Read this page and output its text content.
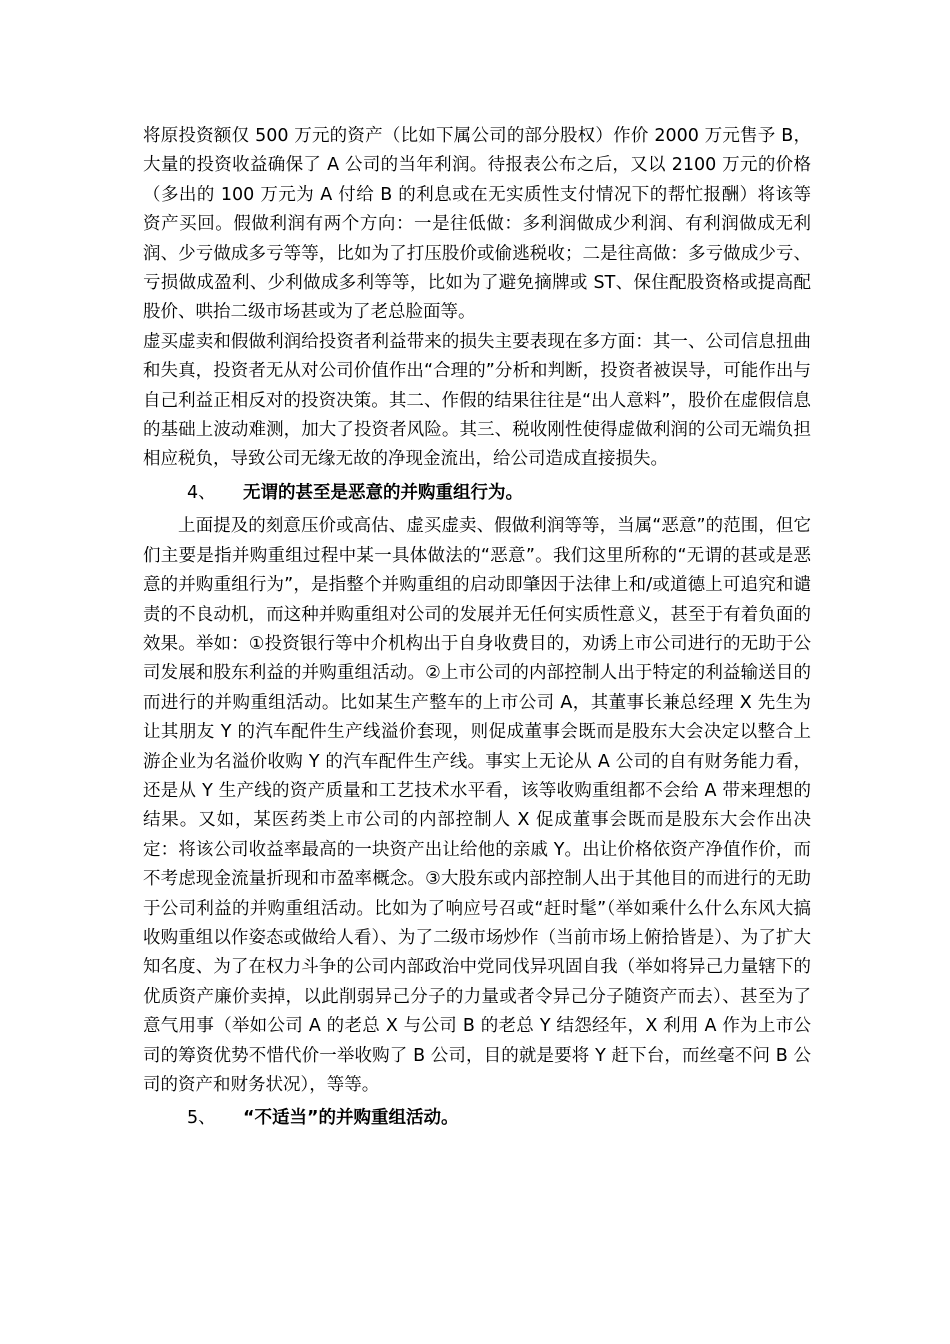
将原投资额仅 500 万元的资产（比如下属公司的部分股权）作价 2000 万元售予 B，大量的投资收益确保了 A 公司的当年利润。待报表公布之后，又以 2100 万元的价格（多出的 100 万元为 A 付给 B 的利息或在无实质性支付情况下的帮忙报酬）将该等资产买回。假做利润有两个方向：一是往低做：多利润做成少利润、有利润做成无利润、少亏做成多亏等等，比如为了打压股价或偷逃税收；二是往高做：多亏做成少亏、亏损做成盈利、少利做成多利等等，比如为了避免摘牌或 ST、保住配股资格或提高配股价、哄抬二级市场甚或为了老总脸面等。

虚买虚卖和假做利润给投资者利益带来的损失主要表现在多方面：其一、公司信息扭曲和失真，投资者无从对公司价值作出“合理的”分析和判断，投资者被误导，可能作出与自己利益正相反对的投资决策。其二、作假的结果往往是“出人意料”，股价在虚假信息的基础上波动难测，加大了投资者风险。其三、税收刚性使得虚做利润的公司无端负担相应税负，导致公司无缘无故的净现金流出，给公司造成直接损失。

4、	无谓的甚至是恶意的并购重组行为。

上面提及的刻意压价或高估、虚买虚卖、假做利润等等，当属“恶意”的范围，但它们主要是指并购重组过程中某一具体做法的“恶意”。我们这里所称的“无谓的甚或是恶意的并购重组行为”，是指整个并购重组的启动即肇因于法律上和/或道德上可追究和谴责的不良动机，而这种并购重组对公司的发展并无任何实质性意义，甚至于有着负面的效果。举如：①投资银行等中介机构出于自身收费目的，劝诱上市公司进行的无助于公司发展和股东利益的并购重组活动。②上市公司的内部控制人出于特定的利益输送目的而进行的并购重组活动。比如某生产整车的上市公司 A，其董事长兼总经理 X 先生为让其朋友 Y 的汽车配件生产线溢价套现，则促成董事会既而是股东大会决定以整合上游企业为名溢价收购 Y 的汽车配件生产线。事实上无论从 A 公司的自有财务能力看，还是从 Y 生产线的资产质量和工艺技术水平看，该等收购重组都不会给 A 带来理想的结果。又如，某医药类上市公司的内部控制人 X 促成董事会既而是股东大会作出决定：将该公司收益率最高的一块资产出让给他的亲戚 Y。出让价格依资产净值作价，而不考虑现金流量折现和市盈率概念。③大股东或内部控制人出于其他目的而进行的无助于公司利益的并购重组活动。比如为了响应号召或“赶时髦”（举如乘什么什么东风大搞收购重组以作姿态或做给人看）、为了二级市场炒作（当前市场上俯拾皆是）、为了扩大知名度、为了在权力斗争的公司内部政治中党同伐异巩固自我（举如将异己力量辖下的优质资产廉价卖掉，以此削弱异己分子的力量或者令异己分子随资产而去）、甚至为了意气用事（举如公司 A 的老总 X 与公司 B 的老总 Y 结怨经年，X 利用 A 作为上市公司的筹资优势不惜代价一举收购了 B 公司，目的就是要将 Y 赶下台，而丝毫不问 B 公司的资产和财务状况），等等。

5、	“不适当”的并购重组活动。
